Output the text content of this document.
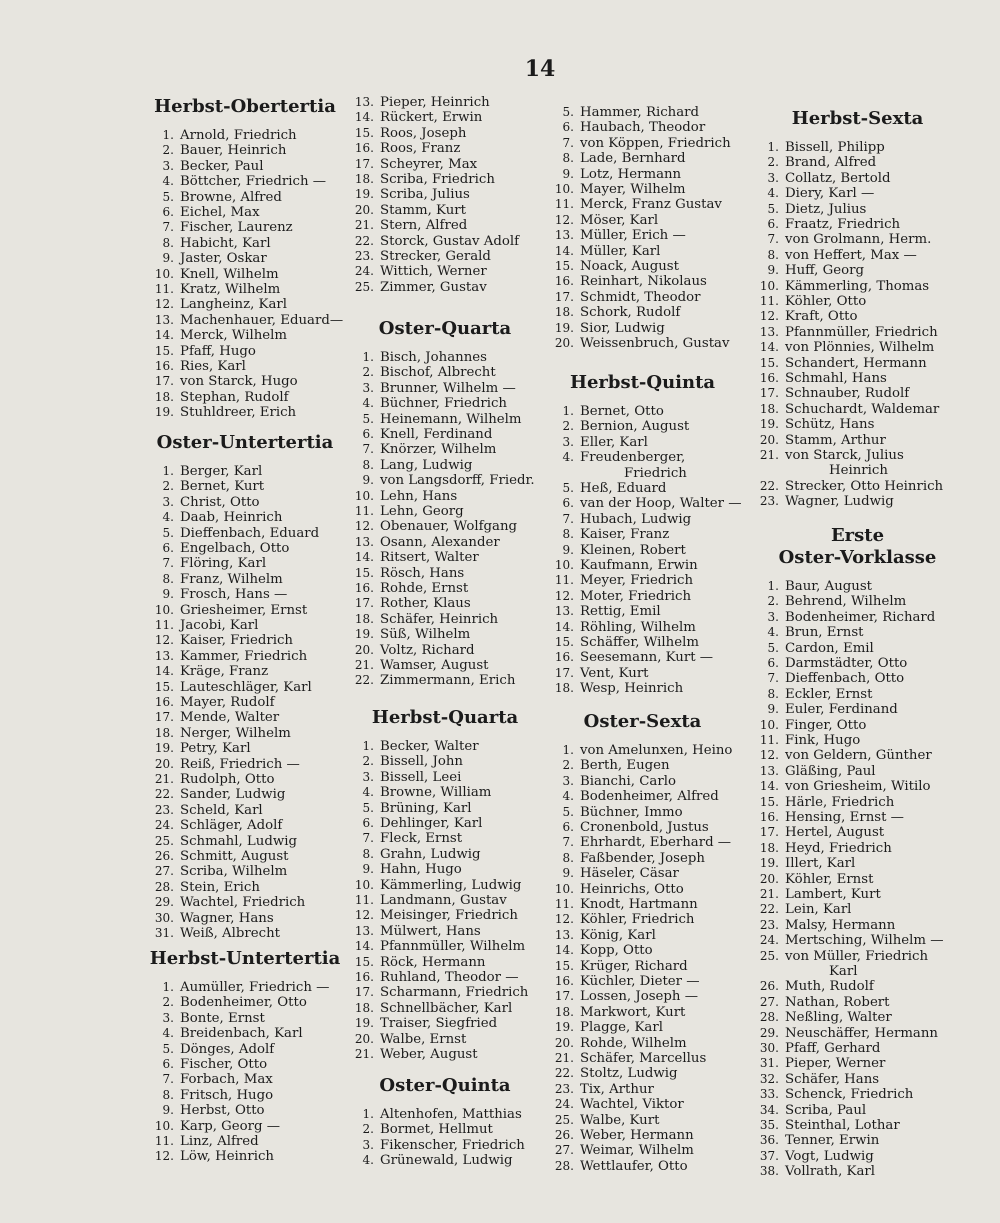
14
Herbst-Obertertia
1. Arnold, Friedrich
2. Bauer, Heinrich
3. Becker, Paul
4. Böttcher, Friedrich —
5. Browne, Alfred
6. Eichel, Max
7. Fischer, Laurenz
8. Habicht, Karl
9. Jaster, Oskar
10. Knell, Wilhelm
11. Kratz, Wilhelm
12. Langheinz, Karl
13. Machenhauer, Eduard—
14. Merck, Wilhelm
15. Pfaff, Hugo
16. Ries, Karl
17. von Starck, Hugo
18. Stephan, Rudolf
19. Stuhldreer, Erich
Oster-Untertertia
1. Berger, Karl
2. Bernet, Kurt
3. Christ, Otto
4. Daab, Heinrich
5. Dieffenbach, Eduard
6. Engelbach, Otto
7. Flöring, Karl
8. Franz, Wilhelm
9. Frosch, Hans —
10. Griesheimer, Ernst
11. Jacobi, Karl
12. Kaiser, Friedrich
13. Kammer, Friedrich
14. Kräge, Franz
15. Lauteschläger, Karl
16. Mayer, Rudolf
17. Mende, Walter
18. Nerger, Wilhelm
19. Petry, Karl
20. Reiß, Friedrich —
21. Rudolph, Otto
22. Sander, Ludwig
23. Scheld, Karl
24. Schläger, Adolf
25. Schmahl, Ludwig
26. Schmitt, August
27. Scriba, Wilhelm
28. Stein, Erich
29. Wachtel, Friedrich
30. Wagner, Hans
31. Weiß, Albrecht
Herbst-Untertertia
1. Aumüller, Friedrich —
2. Bodenheimer, Otto
3. Bonte, Ernst
4. Breidenbach, Karl
5. Dönges, Adolf
6. Fischer, Otto
7. Forbach, Max
8. Fritsch, Hugo
9. Herbst, Otto
10. Karp, Georg —
11. Linz, Alfred
12. Löw, Heinrich
13. Pieper, Heinrich
14. Rückert, Erwin
15. Roos, Joseph
16. Roos, Franz
17. Scheyrer, Max
18. Scriba, Friedrich
19. Scriba, Julius
20. Stamm, Kurt
21. Stern, Alfred
22. Storck, Gustav Adolf
23. Strecker, Gerald
24. Wittich, Werner
25. Zimmer, Gustav
Oster-Quarta
1. Bisch, Johannes
2. Bischof, Albrecht
3. Brunner, Wilhelm —
4. Büchner, Friedrich
5. Heinemann, Wilhelm
6. Knell, Ferdinand
7. Knörzer, Wilhelm
8. Lang, Ludwig
9. von Langsdorff, Friedr.
10. Lehn, Hans
11. Lehn, Georg
12. Obenauer, Wolfgang
13. Osann, Alexander
14. Ritsert, Walter
15. Rösch, Hans
16. Rohde, Ernst
17. Rother, Klaus
18. Schäfer, Heinrich
19. Süß, Wilhelm
20. Voltz, Richard
21. Wamser, August
22. Zimmermann, Erich
Herbst-Quarta
1. Becker, Walter
2. Bissell, John
3. Bissell, Leei
4. Browne, William
5. Brüning, Karl
6. Dehlinger, Karl
7. Fleck, Ernst
8. Grahn, Ludwig
9. Hahn, Hugo
10. Kämmerling, Ludwig
11. Landmann, Gustav
12. Meisinger, Friedrich
13. Mülwert, Hans
14. Pfannmüller, Wilhelm
15. Röck, Hermann
16. Ruhland, Theodor —
17. Scharmann, Friedrich
18. Schnellbächer, Karl
19. Traiser, Siegfried
20. Walbe, Ernst
21. Weber, August
Oster-Quinta
1. Altenhofen, Matthias
2. Bormet, Hellmut
3. Fikenscher, Friedrich
4. Grünewald, Ludwig
5. Hammer, Richard
6. Haubach, Theodor
7. von Köppen, Friedrich
8. Lade, Bernhard
9. Lotz, Hermann
10. Mayer, Wilhelm
11. Merck, Franz Gustav
12. Möser, Karl
13. Müller, Erich —
14. Müller, Karl
15. Noack, August
16. Reinhart, Nikolaus
17. Schmidt, Theodor
18. Schork, Rudolf
19. Sior, Ludwig
20. Weissenbruch, Gustav
Herbst-Quinta
1. Bernet, Otto
2. Bernion, August
3. Eller, Karl
4. Freudenberger,
Friedrich
5. Heß, Eduard
6. van der Hoop, Walter —
7. Hubach, Ludwig
8. Kaiser, Franz
9. Kleinen, Robert
10. Kaufmann, Erwin
11. Meyer, Friedrich
12. Moter, Friedrich
13. Rettig, Emil
14. Röhling, Wilhelm
15. Schäffer, Wilhelm
16. Seesemann, Kurt —
17. Vent, Kurt
18. Wesp, Heinrich
Oster-Sexta
1. von Amelunxen, Heino
2. Berth, Eugen
3. Bianchi, Carlo
4. Bodenheimer, Alfred
5. Büchner, Immo
6. Cronenbold, Justus
7. Ehrhardt, Eberhard —
8. Faßbender, Joseph
9. Häseler, Cäsar
10. Heinrichs, Otto
11. Knodt, Hartmann
12. Köhler, Friedrich
13. König, Karl
14. Kopp, Otto
15. Krüger, Richard
16. Küchler, Dieter —
17. Lossen, Joseph —
18. Markwort, Kurt
19. Plagge, Karl
20. Rohde, Wilhelm
21. Schäfer, Marcellus
22. Stoltz, Ludwig
23. Tix, Arthur
24. Wachtel, Viktor
25. Walbe, Kurt
26. Weber, Hermann
27. Weimar, Wilhelm
28. Wettlaufer, Otto
Herbst-Sexta
1. Bissell, Philipp
2. Brand, Alfred
3. Collatz, Bertold
4. Diery, Karl —
5. Dietz, Julius
6. Fraatz, Friedrich
7. von Grolmann, Herm.
8. von Heffert, Max —
9. Huff, Georg
10. Kämmerling, Thomas
11. Köhler, Otto
12. Kraft, Otto
13. Pfannmüller, Friedrich
14. von Plönnies, Wilhelm
15. Schandert, Hermann
16. Schmahl, Hans
17. Schnauber, Rudolf
18. Schuchardt, Waldemar
19. Schütz, Hans
20. Stamm, Arthur
21. von Starck, Julius
Heinrich
22. Strecker, Otto Heinrich
23. Wagner, Ludwig
Erste
Oster-Vorklasse
1. Baur, August
2. Behrend, Wilhelm
3. Bodenheimer, Richard
4. Brun, Ernst
5. Cardon, Emil
6. Darmstädter, Otto
7. Dieffenbach, Otto
8. Eckler, Ernst
9. Euler, Ferdinand
10. Finger, Otto
11. Fink, Hugo
12. von Geldern, Günther
13. Gläßing, Paul
14. von Griesheim, Witilo
15. Härle, Friedrich
16. Hensing, Ernst —
17. Hertel, August
18. Heyd, Friedrich
19. Illert, Karl
20. Köhler, Ernst
21. Lambert, Kurt
22. Lein, Karl
23. Malsy, Hermann
24. Mertsching, Wilhelm —
25. von Müller, Friedrich
Karl
26. Muth, Rudolf
27. Nathan, Robert
28. Neßling, Walter
29. Neuschäffer, Hermann
30. Pfaff, Gerhard
31. Pieper, Werner
32. Schäfer, Hans
33. Schenck, Friedrich
34. Scriba, Paul
35. Steinthal, Lothar
36. Tenner, Erwin
37. Vogt, Ludwig
38. Vollrath, Karl
